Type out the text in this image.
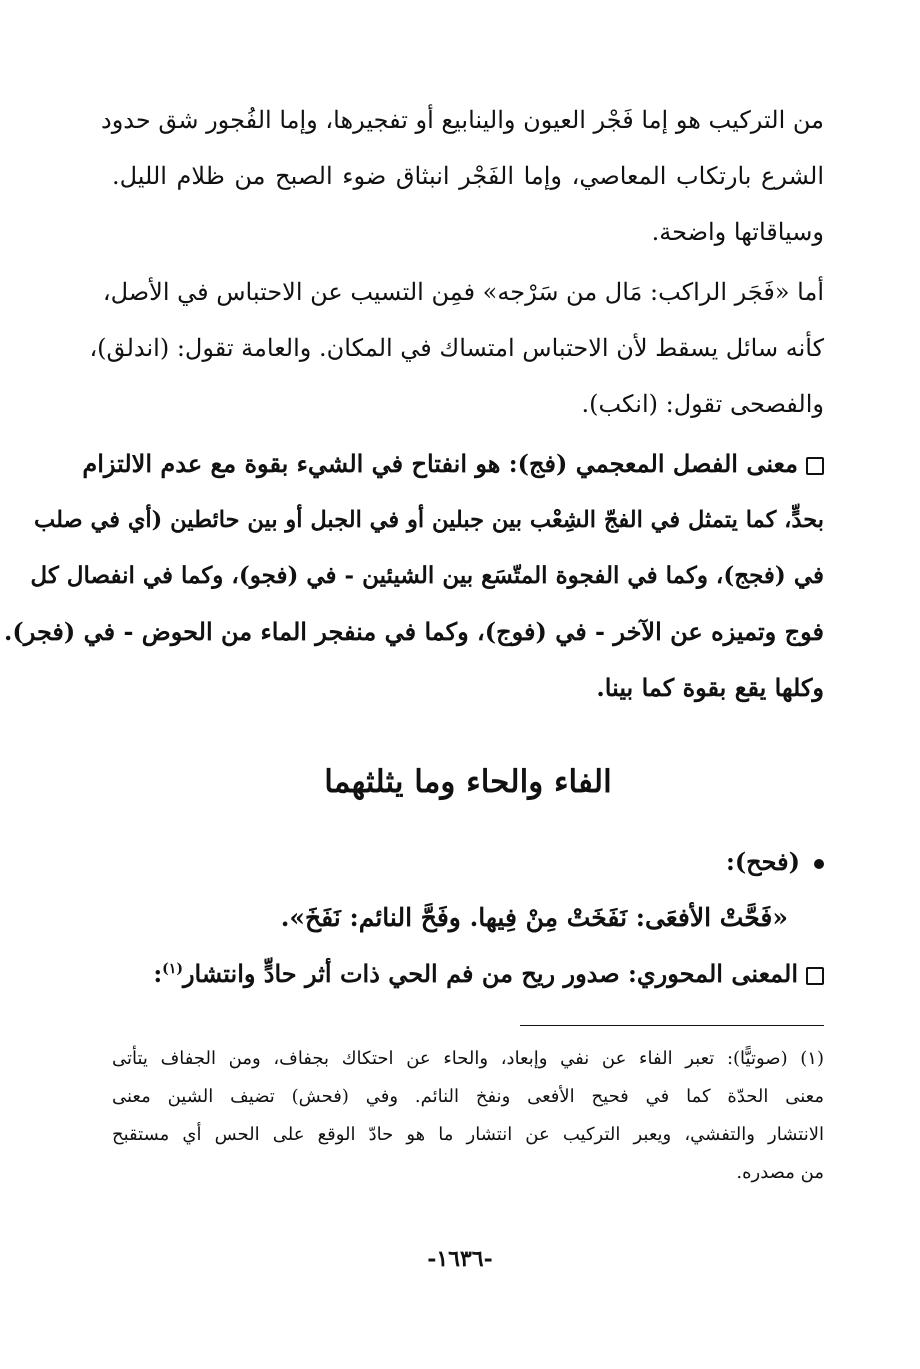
من التركيب هو إما فَجْر العيون والينابيع أو تفجيرها، وإما الفُجور شق حدود
الشرع بارتكاب المعاصي، وإما الفَجْر انبثاق ضوء الصبح من ظلام الليل.
وسياقاتها واضحة.
أما «فَجَر الراكب: مَال من سَرْجه» فمِن التسيب عن الاحتباس في الأصل،
كأنه سائل يسقط لأن الاحتباس امتساك في المكان. والعامة تقول: (اندلق)،
والفصحى تقول: (انكب).
معنى الفصل المعجمي (فج): هو انفتاح في الشيء بقوة مع عدم الالتزام
بحدٍّ، كما يتمثل في الفجّ الشِعْب بين جبلين أو في الجبل أو بين حائطين (أي في صلب
في (فجج)، وكما في الفجوة المتّسَع بين الشيئين - في (فجو)، وكما في انفصال كل
فوج وتميزه عن الآخر - في (فوج)، وكما في منفجر الماء من الحوض - في (فجر).
وكلها يقع بقوة كما بينا.
الفاء والحاء وما يثلثهما
(فحح):
«فَحَّتْ الأفعَى: نَفَخَتْ مِنْ فِيها. وفَحَّ النائم: نَفَخَ».
المعنى المحوري: صدور ريح من فم الحي ذات أثر حادٍّ وانتشار$^{(١)}$:
(١) (صوتيًّا): تعبر الفاء عن نفي وإبعاد، والحاء عن احتكاك بجفاف، ومن الجفاف يتأتى
معنى الحدّة كما في فحيح الأفعى ونفخ النائم. وفي (فحش) تضيف الشين معنى
الانتشار والتفشي، ويعبر التركيب عن انتشار ما هو حادّ الوقع على الحس أي مستقبح
من مصدره.
-١٦٣٦-
